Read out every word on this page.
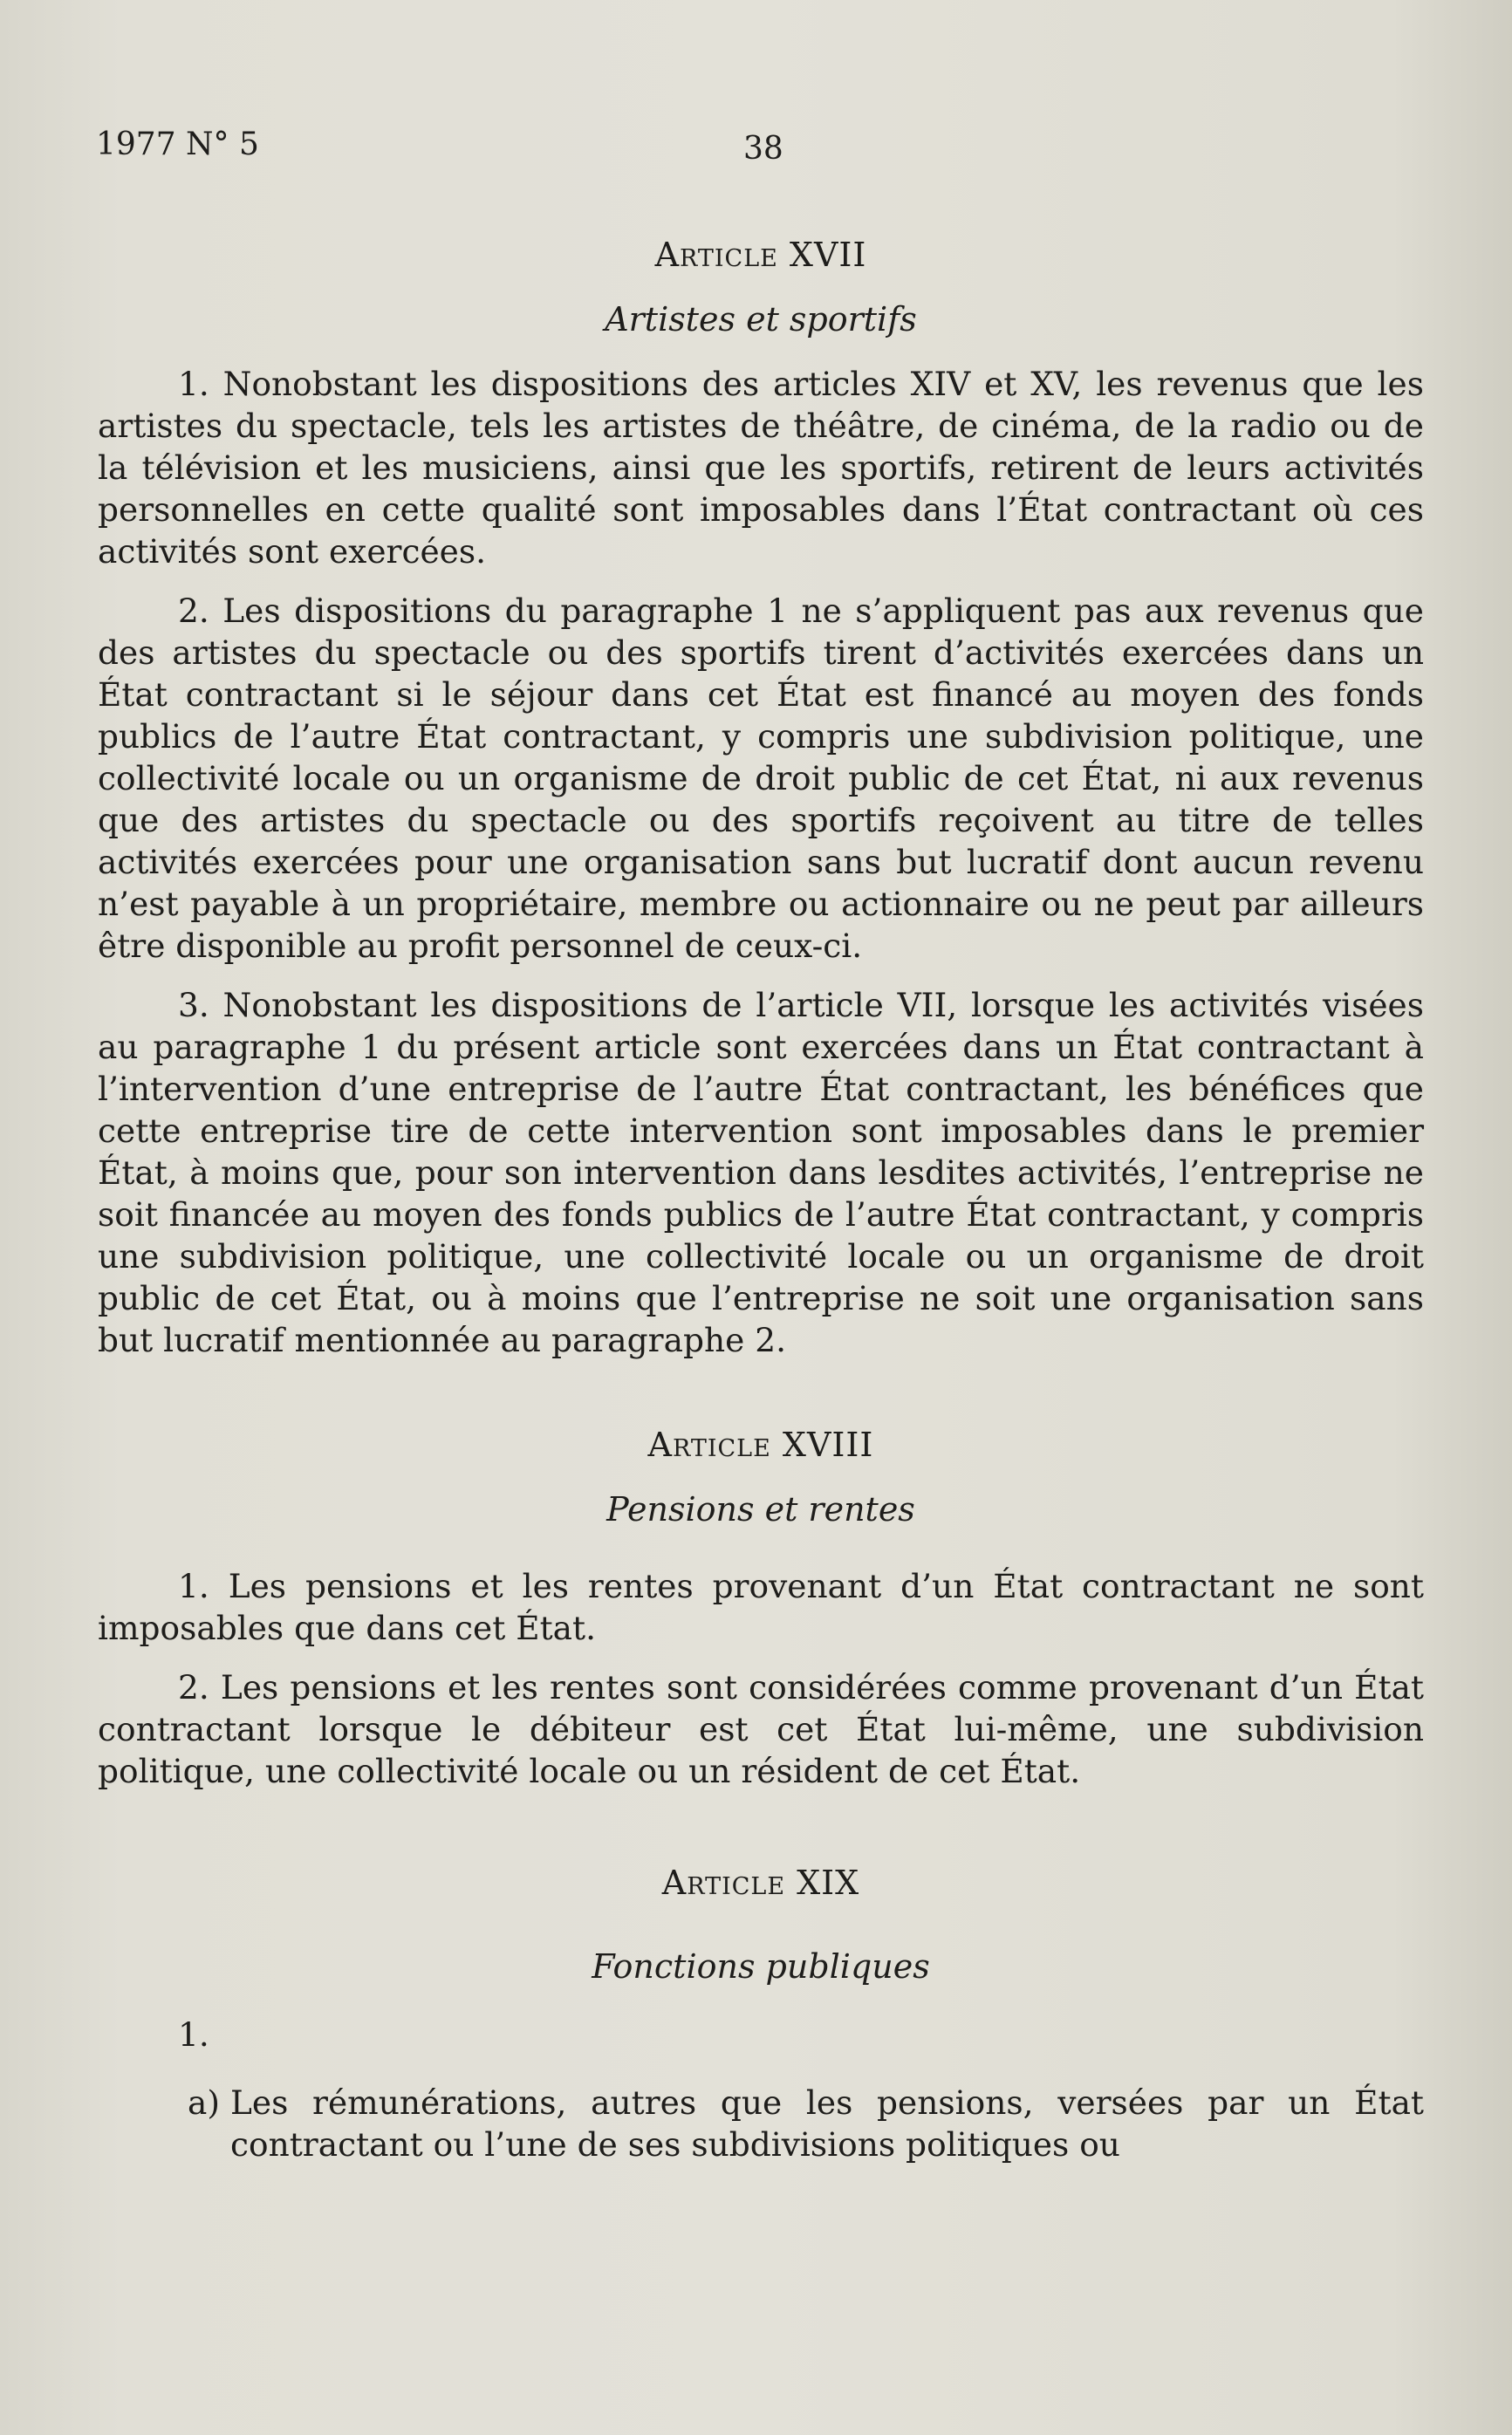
1977 N° 5	38
Article XVII
Artistes et sportifs

1. Nonobstant les dispositions des articles XIV et XV, les revenus que les artistes du spectacle, tels les artistes de théâtre, de cinéma, de la radio ou de la télévision et les musiciens, ainsi que les sportifs, retirent de leurs activités personnelles en cette qualité sont imposables dans l’État contractant où ces activités sont exercées.

2. Les dispositions du paragraphe 1 ne s’appliquent pas aux revenus que des artistes du spectacle ou des sportifs tirent d’activités exercées dans un État contractant si le séjour dans cet État est financé au moyen des fonds publics de l’autre État contractant, y compris une subdivision politique, une collectivité locale ou un organisme de droit public de cet État, ni aux revenus que des artistes du spectacle ou des sportifs reçoivent au titre de telles activités exercées pour une organisation sans but lucratif dont aucun revenu n’est payable à un propriétaire, membre ou actionnaire ou ne peut par ailleurs être disponible au profit personnel de ceux-ci.

3. Nonobstant les dispositions de l’article VII, lorsque les activités visées au paragraphe 1 du présent article sont exercées dans un État contractant à l’intervention d’une entreprise de l’autre État contractant, les bénéfices que cette entreprise tire de cette intervention sont imposables dans le premier État, à moins que, pour son intervention dans lesdites activités, l’entreprise ne soit financée au moyen des fonds publics de l’autre État contractant, y compris une subdivision politique, une collectivité locale ou un organisme de droit public de cet État, ou à moins que l’entreprise ne soit une organisation sans but lucratif mentionnée au paragraphe 2.

Article XVIII
Pensions et rentes

1. Les pensions et les rentes provenant d’un État contractant ne sont imposables que dans cet État.

2. Les pensions et les rentes sont considérées comme provenant d’un État contractant lorsque le débiteur est cet État lui-même, une subdivision politique, une collectivité locale ou un résident de cet État.

Article XIX
Fonctions publiques
1.
a) Les rémunérations, autres que les pensions, versées par un État contractant ou l’une de ses subdivisions politiques ou
